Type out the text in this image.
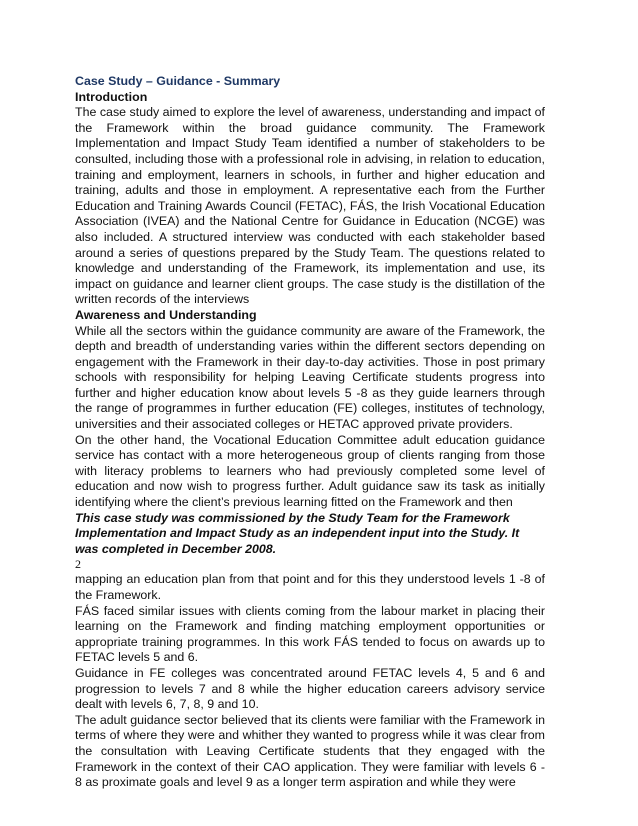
Case Study – Guidance - Summary

Introduction

The case study aimed to explore the level of awareness, understanding and impact of the Framework within the broad guidance community. The Framework Implementation and Impact Study Team identified a number of stakeholders to be consulted, including those with a professional role in advising, in relation to education, training and employment, learners in schools, in further and higher education and training, adults and those in employment. A representative each from the Further Education and Training Awards Council (FETAC), FÁS, the Irish Vocational Education Association (IVEA) and the National Centre for Guidance in Education (NCGE) was also included. A structured interview was conducted with each stakeholder based around a series of questions prepared by the Study Team. The questions related to knowledge and understanding of the Framework, its implementation and use, its impact on guidance and learner client groups. The case study is the distillation of the written records of the interviews

Awareness and Understanding

While all the sectors within the guidance community are aware of the Framework, the depth and breadth of understanding varies within the different sectors depending on engagement with the Framework in their day-to-day activities. Those in post primary schools with responsibility for helping Leaving Certificate students progress into further and higher education know about levels 5 -8 as they guide learners through the range of programmes in further education (FE) colleges, institutes of technology, universities and their associated colleges or HETAC approved private providers.

On the other hand, the Vocational Education Committee adult education guidance service has contact with a more heterogeneous group of clients ranging from those with literacy problems to learners who had previously completed some level of education and now wish to progress further. Adult guidance saw its task as initially identifying where the client’s previous learning fitted on the Framework and then

This case study was commissioned by the Study Team for the Framework Implementation and Impact Study as an independent input into the Study. It was completed in December 2008.

2

mapping an education plan from that point and for this they understood levels 1 -8 of the Framework.

FÁS faced similar issues with clients coming from the labour market in placing their learning on the Framework and finding matching employment opportunities or appropriate training programmes. In this work FÁS tended to focus on awards up to FETAC levels 5 and 6.

Guidance in FE colleges was concentrated around FETAC levels 4, 5 and 6 and progression to levels 7 and 8 while the higher education careers advisory service dealt with levels 6, 7, 8, 9 and 10.

The adult guidance sector believed that its clients were familiar with the Framework in terms of where they were and whither they wanted to progress while it was clear from the consultation with Leaving Certificate students that they engaged with the Framework in the context of their CAO application. They were familiar with levels 6 - 8 as proximate goals and level 9 as a longer term aspiration and while they were
